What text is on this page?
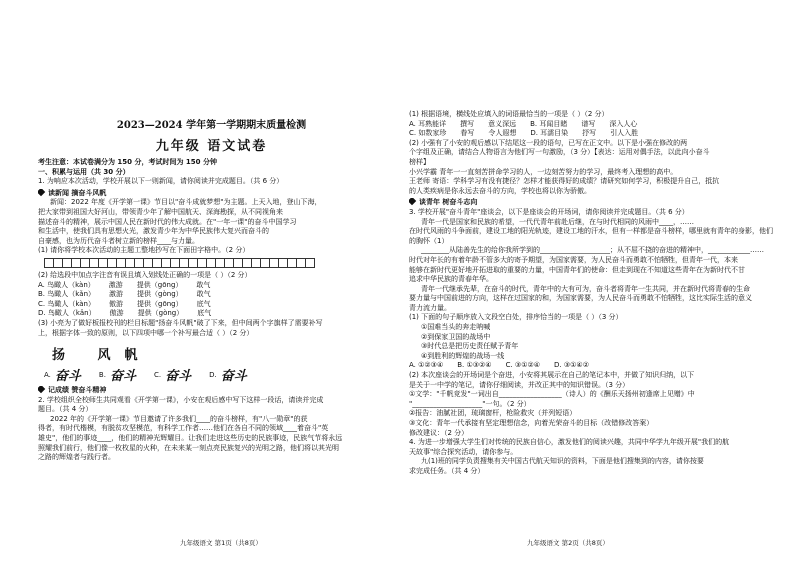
2023—2024 学年第一学期期末质量检测
九年级 语文试卷
考生注意：本试卷满分为 150 分，考试时间为 150 分钟
一、积累与运用（共 30 分）
1. 为响应本次活动，学校开展以下一则新闻，请你阅读并完成题目。（共 6 分）
读新闻 摘奋斗风帆
新闻：2022 年度《开学第一课》节目以"奋斗成就梦想"为主题。上天入地，登山下海，
把大家带到祖国大好河山，带领青少年了解中国航天、深海勘探，从不同视角来
描述奋斗的精神，展示中国人民在新时代的伟大成就。在"一年一课"的奋斗中国学习
和生活中，使我们具有思想火光，激发青少年为中华民族伟大复兴而奋斗的
自豪感，也为历代奋斗者树立新的榜样____与力量。
(1) 请你将学校本次活动的主题工整地抄写在下面田字格中。（2 分）
(2) 给选段中加点字注音有误且填入划线处正确的一项是（ ）（2 分）
A. 鸟瞰人（kàn） 激游 提供（gōng） 敢气
B. 鸟瞰人（kǎn） 激游 提供（gòng） 敢气
C. 鸟瞰人（kàn） 傲游 提供（gōng） 底气
D. 鸟瞰人（kǎn） 傲游 提供（gòng） 底气
(3) 小亮为了做好板报校刊的栏目标题"扬奋斗风帆"破了下来，但中间两个字旗样了需要补写
上，根据字体一致的原则，以下四项中哪一个补写最合适（ ）（2 分）
扬 风帆
A. 奋斗	B. 奋斗	C. 奋斗	D. 奋斗
记成绩 赞奋斗精神
2. 学校组织全校师生共同观看《开学第一课》，小安在观后感中写下这样一段话，请读并完成
题目。（共 4 分）
2022 年的《开学第一课》节目邀请了许多我们____的奋斗榜样，有"八一勋章"的获
得者，有时代楷模，有脱贫攻坚模范，有科学工作者……他们在各自不同的领域____着奋斗"英
雄史"，他们的事迹____，他们的精神光辉耀目。让我们走进这些历史的民族事迹，民族气节将永远
照耀我们前行，他们像一枚枚星的火种，在未来某一刻点亮民族复兴的光明之路，他们将以其光明
之路的辉煌者与践行者。
九年级语文 第1页（共8页）
(1) 根据语境，横线处应填入的词语最恰当的一项是（ ）（2 分）
A. 耳熟能详 撰写 意义深远 B. 耳闻目睹 谱写 深入人心
C. 如数家珍 眷写 令人遐想 D. 耳濡目染 抒写 引人入胜
(2) 小强有了小安的观后感以下结尾这一段的语句，已写在正文中。以下是小强在修改的两
个字组及正确，请结合人物语言为他们写一句激励，（3 分）【表达：运用对偶手法，以此向小奋斗
榜样】
小兴学霸 青年一一直刻苦拼命学习的人，一边刻苦努力的学习，最终考入理想的高中。
王老师 寄语：学科学习有没有捷径？怎样才能获得好的成绩？请研究如何学习，积极提升自己，抵抗
的人类疾病是你永远去奋斗的方向，学校也将以你为骄傲。
谈青年 树奋斗志向
3. 学校开展"奋斗青年"座谈会，以下是座谈会的开场词，请你阅读并完成题目。（共 6 分）
青年一代是国家和民族的希望，一代代青年前赴后继，在与时代相同的风雨中____，……
在时代风雨的斗争面前，建设工地的阳光轨迹，建设工地的汗水，但有一样都是奋斗榜样，哪里就有青年的身影，他们
的胸怀（1）
________从陆善先生的给你我所学到的____________________；从不屈不挠的奋进的精神中，____________……
时代对年长的有着年龄不管多大的寄予期望，为国家需要，为人民奋斗而勇敢不怕牺牲，但青年一代，本来
能够在新时代更好地开拓进取的重要的力量，中国青年们的使命：但走到现在不知道这些青年在为新时代不甘
追求中华民族的青春年华。
青年一代继承先辈，在奋斗的时代，青年中的大有可为，奋斗者将青年一生共同，并在新时代将青春的生命
要力量与中国前进的方向，这样在过国家的和，为国家需要，为人民奋斗而勇敢不怕牺牲，这比实际生活的意义
青力流力量。
(1) 下面的句子顺序放入文段空白处，排序恰当的一项是（ ）（3 分）
①国难当头的奔走呐喊
②到保家卫国的战场中
③时代总是把历史责任赋予青年
④到胜利的辉煌的战场一线
A. ①②③④ B. ①③②④ C. ③①②④ D. ③①④②
(2) 本次座谈会的开场词是个奋进，小安将其展示在自己的笔记本中，并做了知识归纳，以下
是关于一中学的笔记，请你仔细阅读，并改正其中的知识错误。（3 分）
①文学："千帆竞发"一词出自__________________（诗人）的《酬乐天扬州初逢席上见赠》中
"____________________"一句。（2 分）
②报告：油腻社团，琉璃窗杆，枪险救灾（并列短语）
③文化：青年一代承接有坚定理想信念，向着光荣奋斗的目标（改错修改答案）
修改建议：（2 分）
4. 为进一步增强大学生们对传统的民族自信心，激发他们的阅读兴趣，共同中华学九年级开展"我们的航
天故事"综合探究活动，请你参与。
九(1)班的同学负责搜集有关中国古代航天知识的资料，下面是他们搜集到的内容，请你按要
求完成任务。（共 4 分）
九年级语文 第2页（共8页）
